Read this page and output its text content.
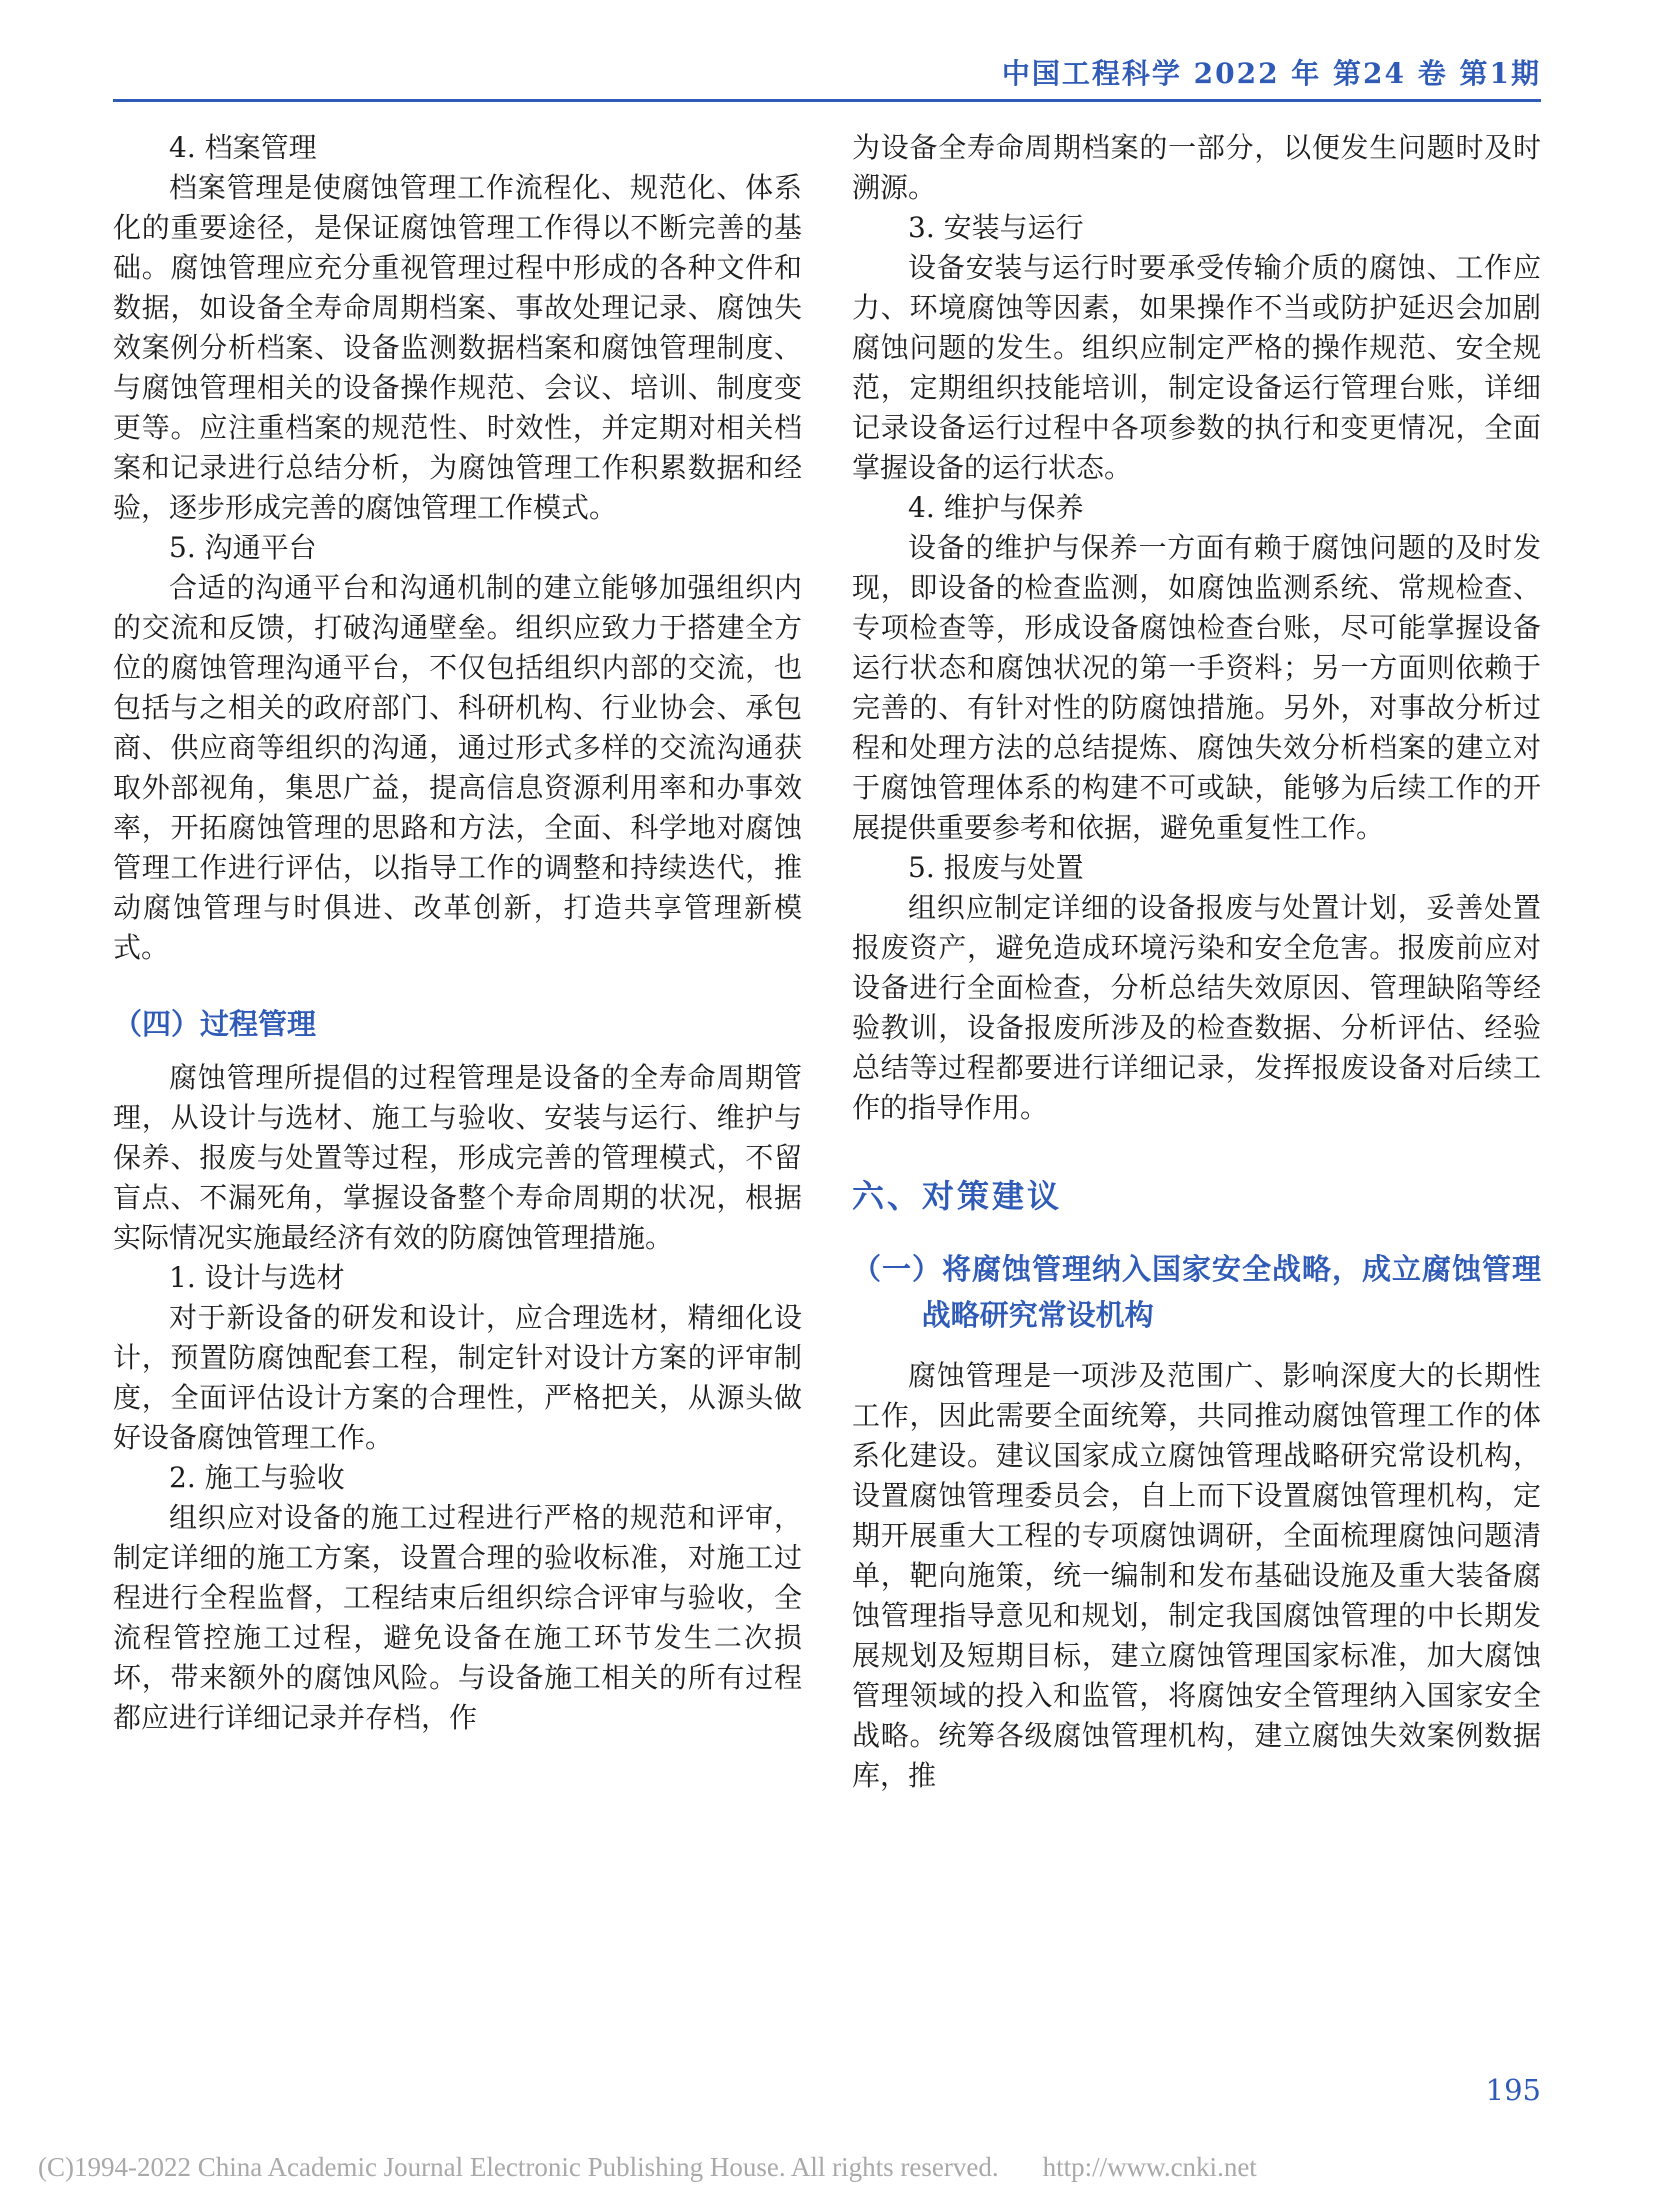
中国工程科学 2022 年 第24 卷 第1期

4. 档案管理

档案管理是使腐蚀管理工作流程化、规范化、体系化的重要途径，是保证腐蚀管理工作得以不断完善的基础。腐蚀管理应充分重视管理过程中形成的各种文件和数据，如设备全寿命周期档案、事故处理记录、腐蚀失效案例分析档案、设备监测数据档案和腐蚀管理制度、与腐蚀管理相关的设备操作规范、会议、培训、制度变更等。应注重档案的规范性、时效性，并定期对相关档案和记录进行总结分析，为腐蚀管理工作积累数据和经验，逐步形成完善的腐蚀管理工作模式。

5. 沟通平台

合适的沟通平台和沟通机制的建立能够加强组织内的交流和反馈，打破沟通壁垒。组织应致力于搭建全方位的腐蚀管理沟通平台，不仅包括组织内部的交流，也包括与之相关的政府部门、科研机构、行业协会、承包商、供应商等组织的沟通，通过形式多样的交流沟通获取外部视角，集思广益，提高信息资源利用率和办事效率，开拓腐蚀管理的思路和方法，全面、科学地对腐蚀管理工作进行评估，以指导工作的调整和持续迭代，推动腐蚀管理与时俱进、改革创新，打造共享管理新模式。

（四）过程管理

腐蚀管理所提倡的过程管理是设备的全寿命周期管理，从设计与选材、施工与验收、安装与运行、维护与保养、报废与处置等过程，形成完善的管理模式，不留盲点、不漏死角，掌握设备整个寿命周期的状况，根据实际情况实施最经济有效的防腐蚀管理措施。

1. 设计与选材

对于新设备的研发和设计，应合理选材，精细化设计，预置防腐蚀配套工程，制定针对设计方案的评审制度，全面评估设计方案的合理性，严格把关，从源头做好设备腐蚀管理工作。

2. 施工与验收

组织应对设备的施工过程进行严格的规范和评审，制定详细的施工方案，设置合理的验收标准，对施工过程进行全程监督，工程结束后组织综合评审与验收，全流程管控施工过程，避免设备在施工环节发生二次损坏，带来额外的腐蚀风险。与设备施工相关的所有过程都应进行详细记录并存档，作

为设备全寿命周期档案的一部分，以便发生问题时及时溯源。

3. 安装与运行

设备安装与运行时要承受传输介质的腐蚀、工作应力、环境腐蚀等因素，如果操作不当或防护延迟会加剧腐蚀问题的发生。组织应制定严格的操作规范、安全规范，定期组织技能培训，制定设备运行管理台账，详细记录设备运行过程中各项参数的执行和变更情况，全面掌握设备的运行状态。

4. 维护与保养

设备的维护与保养一方面有赖于腐蚀问题的及时发现，即设备的检查监测，如腐蚀监测系统、常规检查、专项检查等，形成设备腐蚀检查台账，尽可能掌握设备运行状态和腐蚀状况的第一手资料；另一方面则依赖于完善的、有针对性的防腐蚀措施。另外，对事故分析过程和处理方法的总结提炼、腐蚀失效分析档案的建立对于腐蚀管理体系的构建不可或缺，能够为后续工作的开展提供重要参考和依据，避免重复性工作。

5. 报废与处置

组织应制定详细的设备报废与处置计划，妥善处置报废资产，避免造成环境污染和安全危害。报废前应对设备进行全面检查，分析总结失效原因、管理缺陷等经验教训，设备报废所涉及的检查数据、分析评估、经验总结等过程都要进行详细记录，发挥报废设备对后续工作的指导作用。

六、对策建议

（一）将腐蚀管理纳入国家安全战略，成立腐蚀管理战略研究常设机构

腐蚀管理是一项涉及范围广、影响深度大的长期性工作，因此需要全面统筹，共同推动腐蚀管理工作的体系化建设。建议国家成立腐蚀管理战略研究常设机构，设置腐蚀管理委员会，自上而下设置腐蚀管理机构，定期开展重大工程的专项腐蚀调研，全面梳理腐蚀问题清单，靶向施策，统一编制和发布基础设施及重大装备腐蚀管理指导意见和规划，制定我国腐蚀管理的中长期发展规划及短期目标，建立腐蚀管理国家标准，加大腐蚀管理领域的投入和监管，将腐蚀安全管理纳入国家安全战略。统筹各级腐蚀管理机构，建立腐蚀失效案例数据库，推

195
(C)1994-2022 China Academic Journal Electronic Publishing House. All rights reserved. http://www.cnki.net
